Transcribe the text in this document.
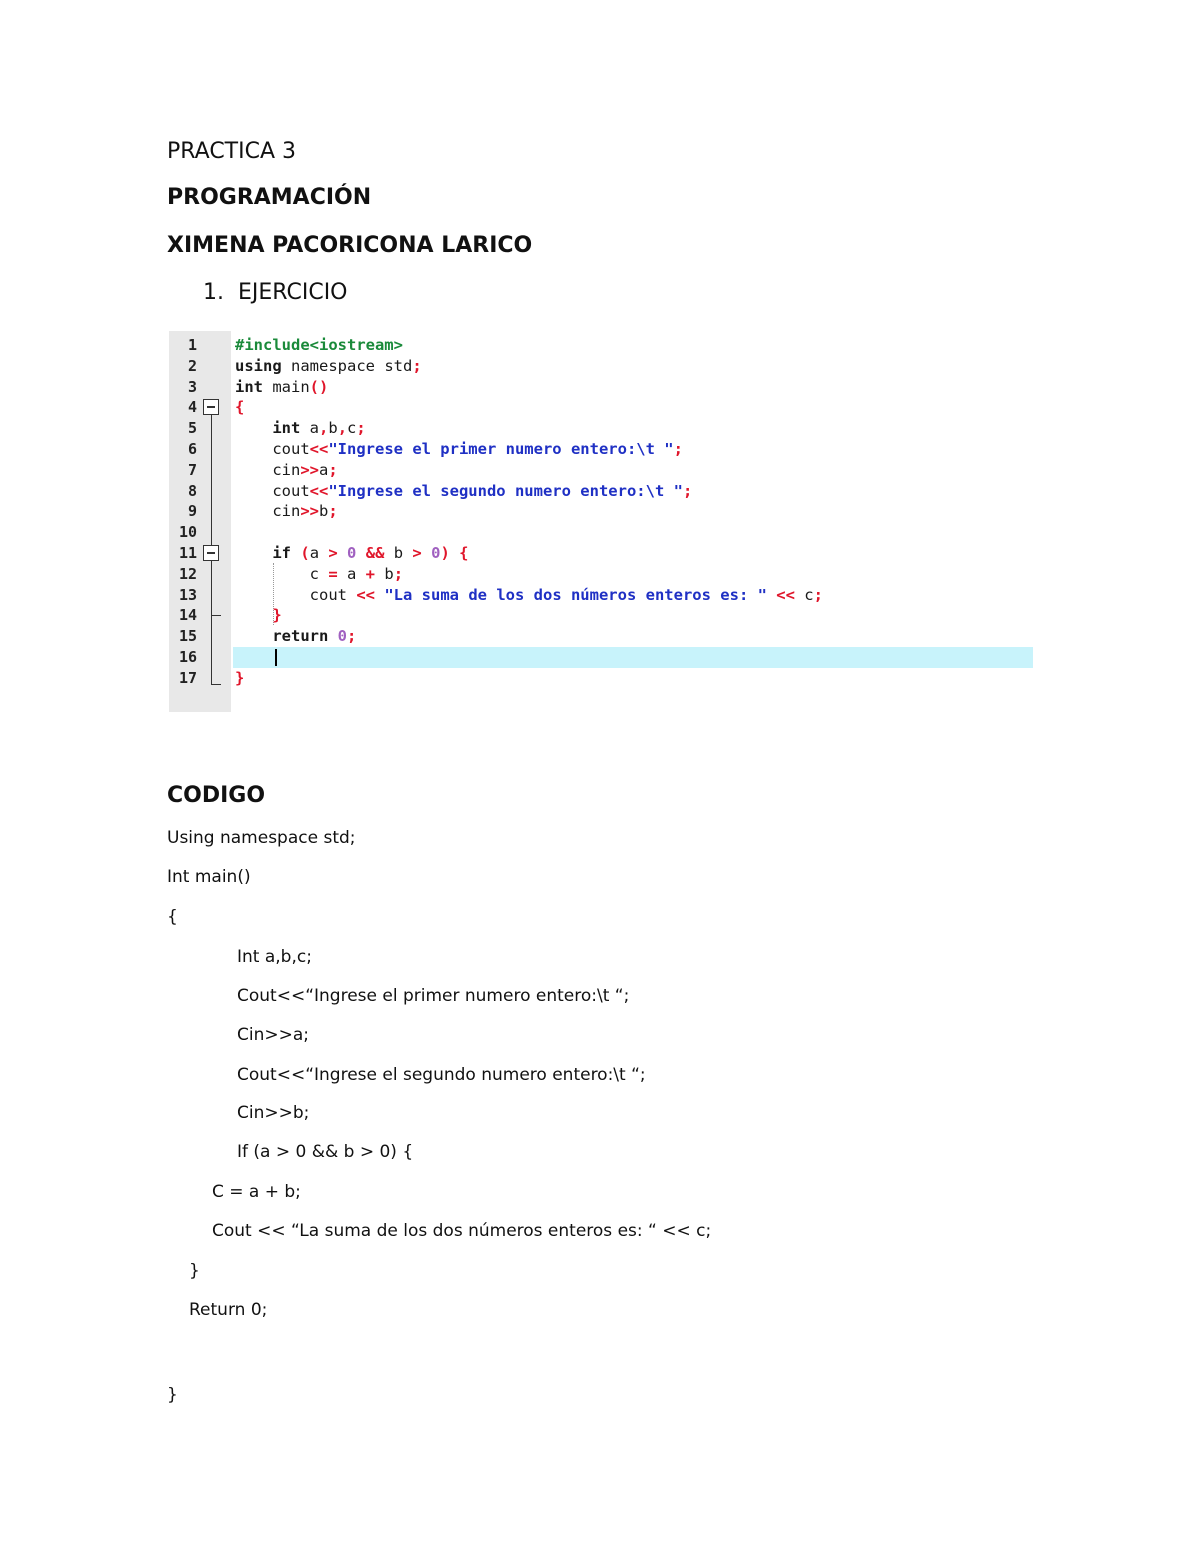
PRACTICA 3
PROGRAMACIÓN
XIMENA PACORICONA LARICO
1. EJERCICIO
1
2
3
4
5
6
7
8
9
10
11
12
13
14
15
16
17
#include<iostream>
using namespace std;
int main()
{
int a,b,c;
cout<<"Ingrese el primer numero entero:\t ";
cin>>a;
cout<<"Ingrese el segundo numero entero:\t ";
cin>>b;
if (a > 0 && b > 0) {
c = a + b;
cout << "La suma de los dos números enteros es: " << c;
}
return 0;
}
CODIGO
Using namespace std;
Int main()
{
Int a,b,c;
Cout<<“Ingrese el primer numero entero:\t “;
Cin>>a;
Cout<<“Ingrese el segundo numero entero:\t “;
Cin>>b;
If (a > 0 && b > 0) {
C = a + b;
Cout << “La suma de los dos números enteros es: “ << c;
}
Return 0;
}
